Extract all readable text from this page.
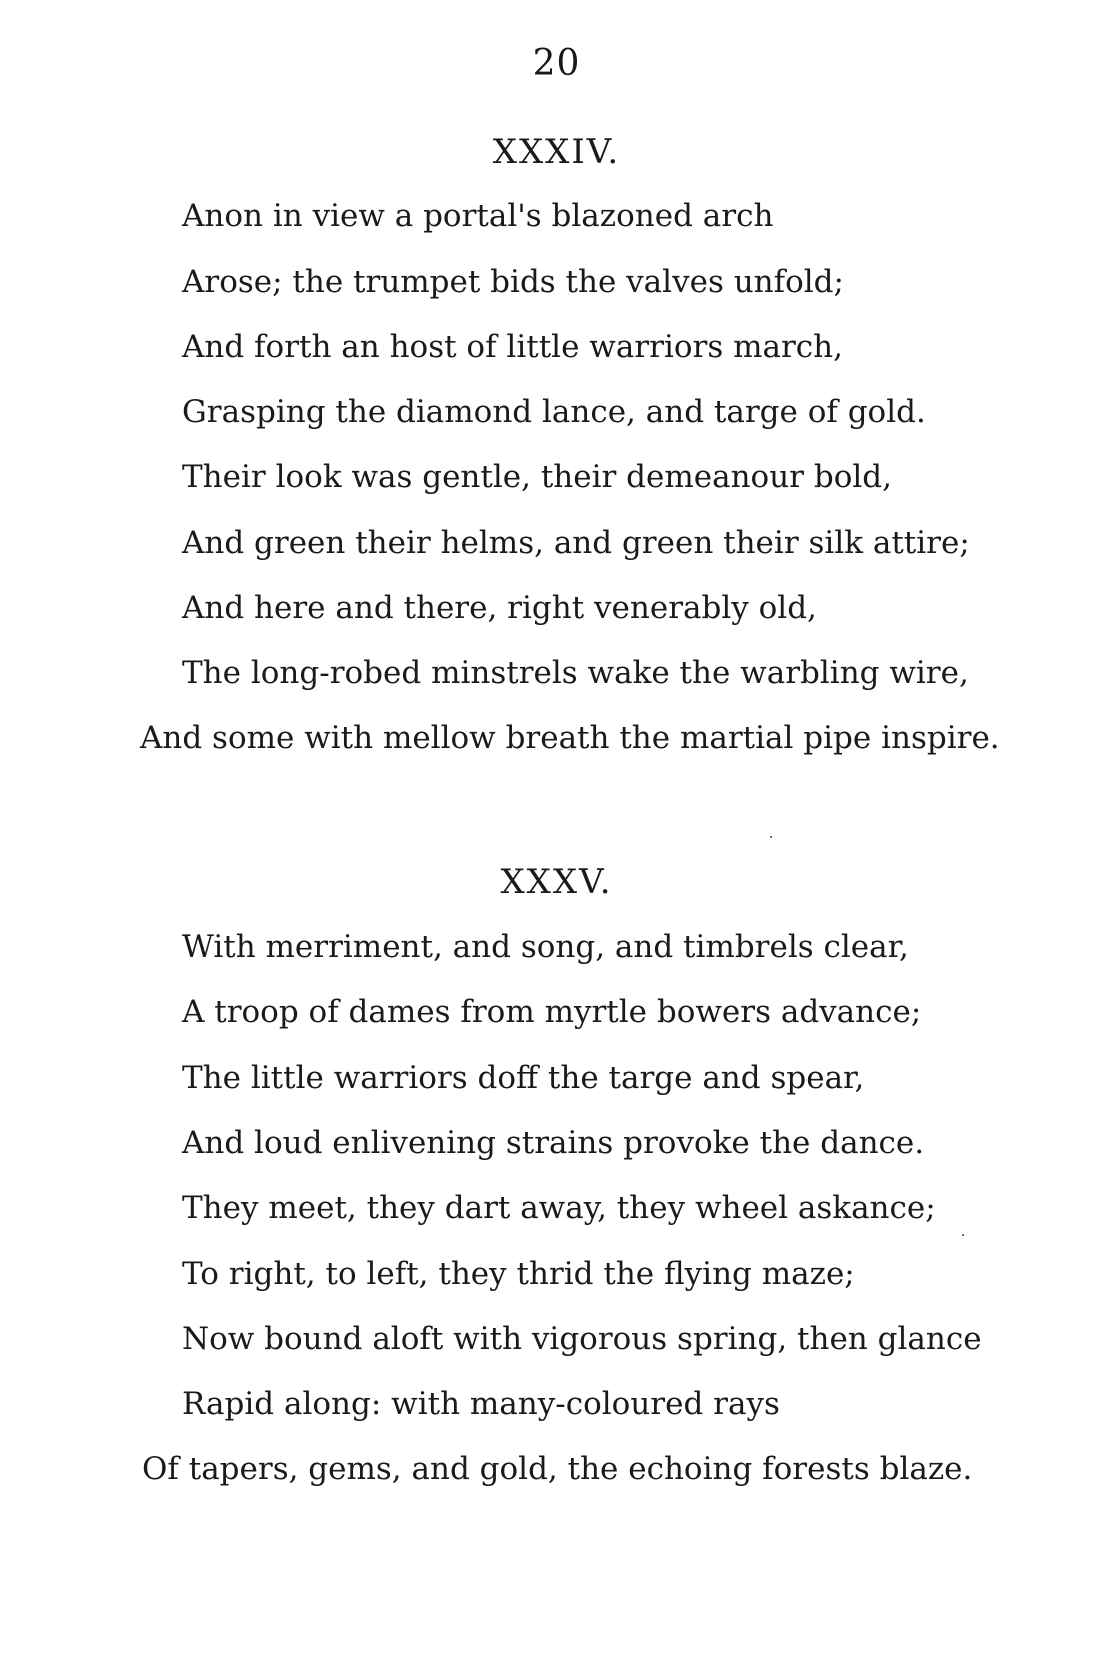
20
XXXIV.
Anon in view a portal's blazoned arch
Arose; the trumpet bids the valves unfold;
And forth an host of little warriors march,
Grasping the diamond lance, and targe of gold.
Their look was gentle, their demeanour bold,
And green their helms, and green their silk attire;
And here and there, right venerably old,
The long-robed minstrels wake the warbling wire,
And some with mellow breath the martial pipe inspire.
XXXV.
With merriment, and song, and timbrels clear,
A troop of dames from myrtle bowers advance;
The little warriors doff the targe and spear,
And loud enlivening strains provoke the dance.
They meet, they dart away, they wheel askance;
To right, to left, they thrid the flying maze;
Now bound aloft with vigorous spring, then glance
Rapid along: with many-coloured rays
Of tapers, gems, and gold, the echoing forests blaze.
